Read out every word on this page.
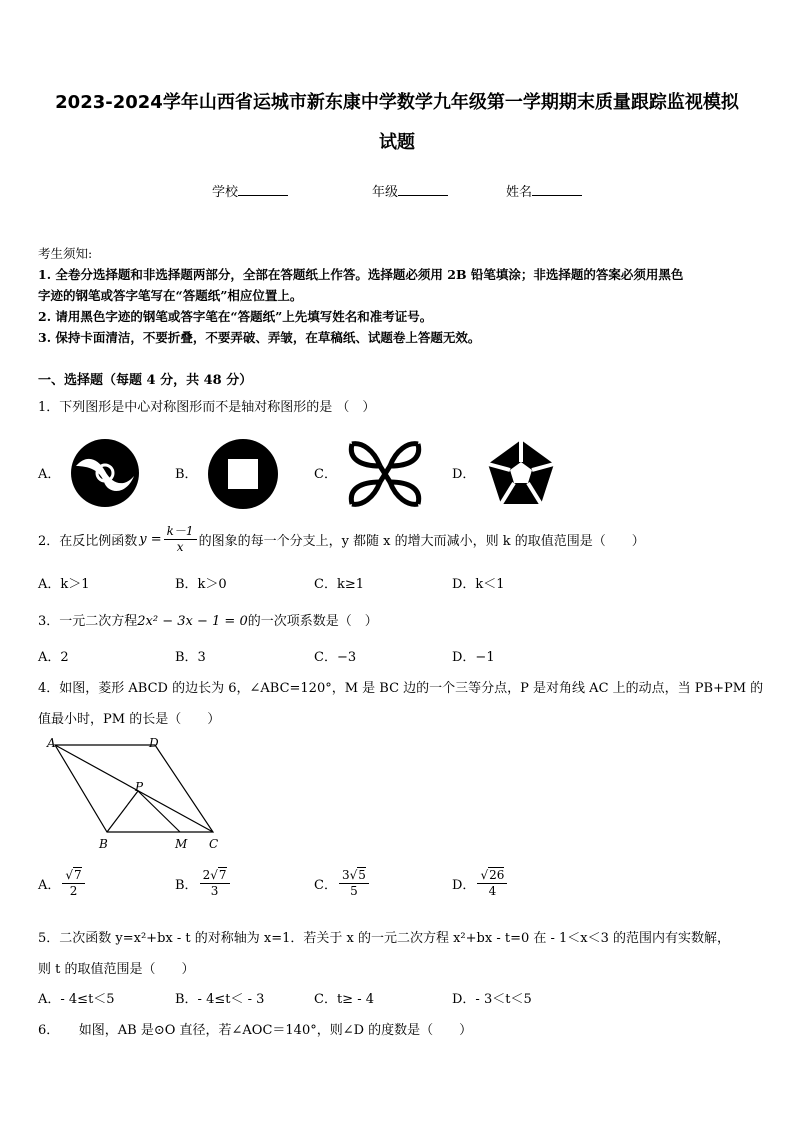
2023-2024学年山西省运城市新东康中学数学九年级第一学期期末质量跟踪监视模拟
试题
学校	年级	姓名
考生须知:
1. 全卷分选择题和非选择题两部分，全部在答题纸上作答。选择题必须用 2B 铅笔填涂；非选择题的答案必须用黑色
字迹的钢笔或答字笔写在“答题纸”相应位置上。
2. 请用黑色字迹的钢笔或答字笔在“答题纸”上先填写姓名和准考证号。
3. 保持卡面清洁，不要折叠，不要弄破、弄皱，在草稿纸、试题卷上答题无效。
一、选择题（每题 4 分，共 48 分）
1．下列图形是中心对称图形而不是轴对称图形的是 （　）
A．	B．	C．	D．
2．在反比例函数 $y = \frac{k-1}{x}$ 的图象的每一个分支上，y 都随 x 的增大而减小，则 k 的取值范围是（　　）
A．k＞1	B．k＞0	C．k≥1	D．k＜1
3．一元二次方程2x² − 3x − 1 = 0的一次项系数是（　）
A．2	B．3	C．−3	D．−1
4．如图，菱形 ABCD 的边长为 6，∠ABC=120°，M 是 BC 边的一个三等分点，P 是对角线 AC 上的动点，当 PB+PM 的
值最小时，PM 的长是（　　）
A	D
P
B	M C
A． $\frac{√7}{2}$	B． $\frac{2√7}{3}$	C． $\frac{3√5}{5}$	D． $\frac{√26}{4}$
5．二次函数 y=x²+bx - t 的对称轴为 x=1．若关于 x 的一元二次方程 x²+bx - t=0 在 - 1＜x＜3 的范围内有实数解，
则 t 的取值范围是（　　）
A．- 4≤t＜5	B．- 4≤t＜ - 3	C．t≥ - 4	D．- 3＜t＜5
6．　　如图，AB 是⊙O 直径，若∠AOC＝140°，则∠D 的度数是（　　）
